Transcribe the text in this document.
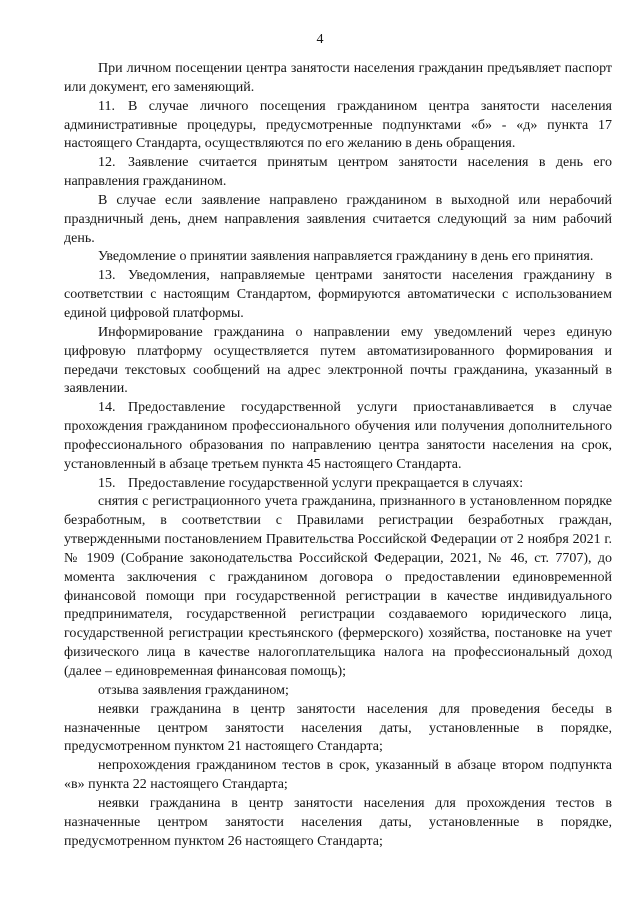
4

При личном посещении центра занятости населения гражданин предъявляет паспорт или документ, его заменяющий.

11. В случае личного посещения гражданином центра занятости населения административные процедуры, предусмотренные подпунктами «б» - «д» пункта 17 настоящего Стандарта, осуществляются по его желанию в день обращения.

12. Заявление считается принятым центром занятости населения в день его направления гражданином.

В случае если заявление направлено гражданином в выходной или нерабочий праздничный день, днем направления заявления считается следующий за ним рабочий день.

Уведомление о принятии заявления направляется гражданину в день его принятия.

13. Уведомления, направляемые центрами занятости населения гражданину в соответствии с настоящим Стандартом, формируются автоматически с использованием единой цифровой платформы.

Информирование гражданина о направлении ему уведомлений через единую цифровую платформу осуществляется путем автоматизированного формирования и передачи текстовых сообщений на адрес электронной почты гражданина, указанный в заявлении.

14. Предоставление государственной услуги приостанавливается в случае прохождения гражданином профессионального обучения или получения дополнительного профессионального образования по направлению центра занятости населения на срок, установленный в абзаце третьем пункта 45 настоящего Стандарта.

15. Предоставление государственной услуги прекращается в случаях:

снятия с регистрационного учета гражданина, признанного в установленном порядке безработным, в соответствии с Правилами регистрации безработных граждан, утвержденными постановлением Правительства Российской Федерации от 2 ноября 2021 г. № 1909 (Собрание законодательства Российской Федерации, 2021, № 46, ст. 7707), до момента заключения с гражданином договора о предоставлении единовременной финансовой помощи при государственной регистрации в качестве индивидуального предпринимателя, государственной регистрации создаваемого юридического лица, государственной регистрации крестьянского (фермерского) хозяйства, постановке на учет физического лица в качестве налогоплательщика налога на профессиональный доход (далее – единовременная финансовая помощь);

отзыва заявления гражданином;

неявки гражданина в центр занятости населения для проведения беседы в назначенные центром занятости населения даты, установленные в порядке, предусмотренном пунктом 21 настоящего Стандарта;

непрохождения гражданином тестов в срок, указанный в абзаце втором подпункта «в» пункта 22 настоящего Стандарта;

неявки гражданина в центр занятости населения для прохождения тестов в назначенные центром занятости населения даты, установленные в порядке, предусмотренном пунктом 26 настоящего Стандарта;
